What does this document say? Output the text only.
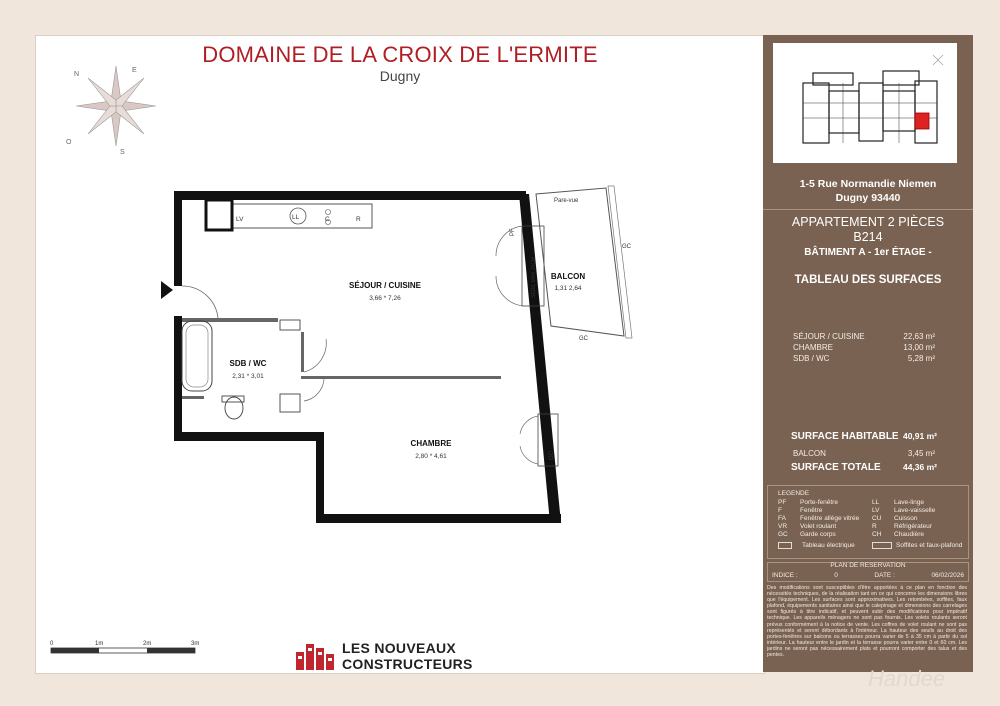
DOMAINE DE LA CROIX DE L'ERMITE
Dugny
N
E
S
O
LV	LL	C	R
PF
SEUIL MAX 20CM
GC
Pare-vue
GC
GC
SÉJOUR / CUISINE
3,66 * 7,26
SDB / WC
2,31 * 3,01
CHAMBRE
2,80 * 4,61
BALCON
1,31 2,64
0	1m	2m	3m	LES NOUVEAUX
CONSTRUCTEURS
1-5 Rue Normandie Niemen
Dugny 93440
APPARTEMENT 2 PIÈCES
B214
BÂTIMENT A - 1er ÉTAGE -
TABLEAU DES SURFACES
SÉJOUR / CUISINE	22,63 m²
CHAMBRE	13,00 m²
SDB / WC	5,28 m²
SURFACE HABITABLE 40,91 m²
BALCON	3,45 m²
SURFACE TOTALE	44,36 m²
LEGENDE
PF Porte-fenêtre
F	Fenêtre
FA Fenêtre allège vitrée
VR Volet roulant
GC Garde corps
LL Lave-linge
LV Lave-vaisselle
CU Cuisson
R	Réfrigérateur
CH Chaudière
Tableau électrique	Soffites et faux-plafond
PLAN DE RESERVATION
INDICE :	0	DATE :	06/02/2026
Des modifications sont susceptibles d'être apportées à ce plan en fonction des nécessités techniques, de la réalisation tant en ce qui concerne les dimensions libres que l'équipement. Les surfaces sont approximatives. Les retombées, soffites, faux plafond, équipements sanitaires ainsi que le calepinage et dimensions des carrelages sont figurés à titre indicatif, et peuvent subir des modifications pour impératif technique. Les appareils ménagers ne sont pas fournis. Les volets roulants seront prévus conformément à la notice de vente. Les coffres de volet roulant ne sont pas représentés et seront débordants à l'intérieur. La hauteur des seuils au droit des portes-fenêtres sur balcons ou terrasses pourra varier de 5 à 35 cm à partir du sol intérieur. La hauteur entre le jardin et la terrasse pourra varier entre 0 et 60 cm. Les jardins ne seront pas nécessairement plats et pourront comporter des talus et des pentes.
Handee
